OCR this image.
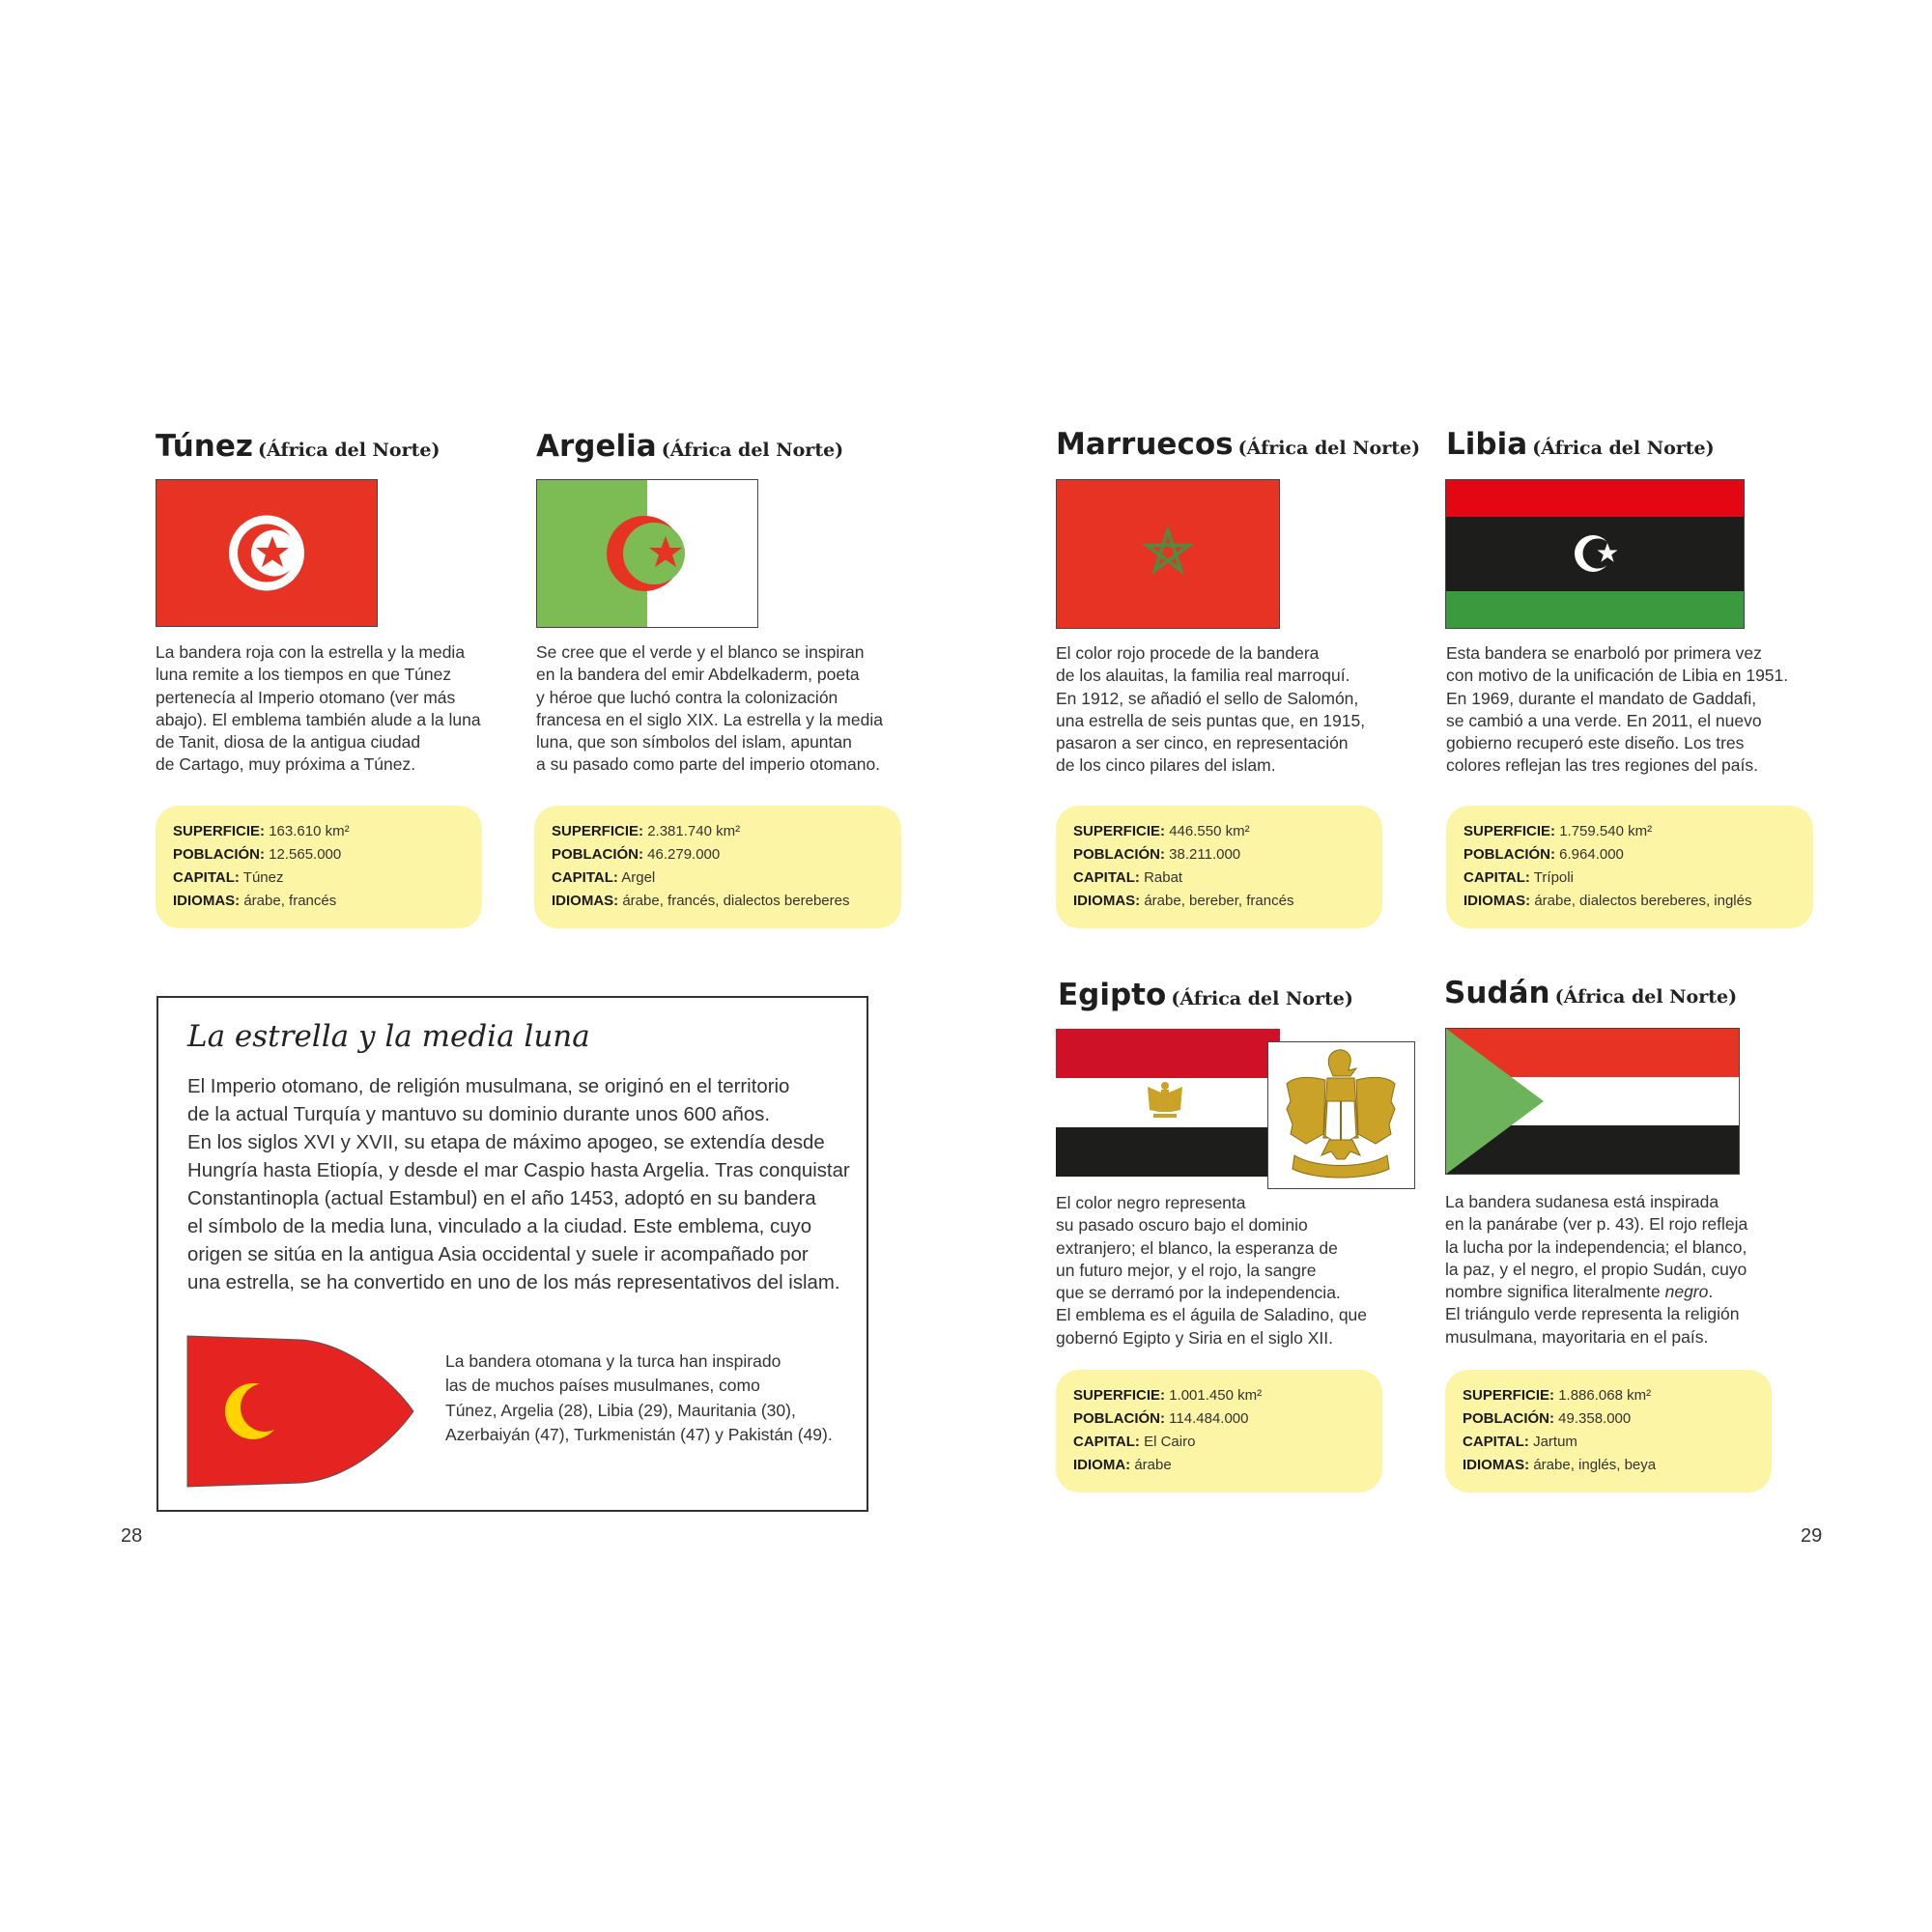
Túnez (África del Norte)

La bandera roja con la estrella y la media
luna remite a los tiempos en que Túnez
pertenecía al Imperio otomano (ver más
abajo). El emblema también alude a la luna
de Tanit, diosa de la antigua ciudad
de Cartago, muy próxima a Túnez.

SUPERFICIE: 163.610 km²
POBLACIÓN: 12.565.000
CAPITAL: Túnez
IDIOMAS: árabe, francés
Argelia (África del Norte)

Se cree que el verde y el blanco se inspiran
en la bandera del emir Abdelkaderm, poeta
y héroe que luchó contra la colonización
francesa en el siglo XIX. La estrella y la media
luna, que son símbolos del islam, apuntan
a su pasado como parte del imperio otomano.

SUPERFICIE: 2.381.740 km²
POBLACIÓN: 46.279.000
CAPITAL: Argel
IDIOMAS: árabe, francés, dialectos bereberes
Marruecos (África del Norte)

El color rojo procede de la bandera
de los alauitas, la familia real marroquí.
En 1912, se añadió el sello de Salomón,
una estrella de seis puntas que, en 1915,
pasaron a ser cinco, en representación
de los cinco pilares del islam.

SUPERFICIE: 446.550 km²
POBLACIÓN: 38.211.000
CAPITAL: Rabat
IDIOMAS: árabe, bereber, francés
Libia (África del Norte)

Esta bandera se enarboló por primera vez
con motivo de la unificación de Libia en 1951.
En 1969, durante el mandato de Gaddafi,
se cambió a una verde. En 2011, el nuevo
gobierno recuperó este diseño. Los tres
colores reflejan las tres regiones del país.

SUPERFICIE: 1.759.540 km²
POBLACIÓN: 6.964.000
CAPITAL: Trípoli
IDIOMAS: árabe, dialectos bereberes, inglés
Egipto (África del Norte)

El color negro representa
su pasado oscuro bajo el dominio
extranjero; el blanco, la esperanza de
un futuro mejor, y el rojo, la sangre
que se derramó por la independencia.
El emblema es el águila de Saladino, que
gobernó Egipto y Siria en el siglo XII.

SUPERFICIE: 1.001.450 km²
POBLACIÓN: 114.484.000
CAPITAL: El Cairo
IDIOMA: árabe
Sudán (África del Norte)

La bandera sudanesa está inspirada
en la panárabe (ver p. 43). El rojo refleja
la lucha por la independencia; el blanco,
la paz, y el negro, el propio Sudán, cuyo
nombre significa literalmente negro.
El triángulo verde representa la religión
musulmana, mayoritaria en el país.

SUPERFICIE: 1.886.068 km²
POBLACIÓN: 49.358.000
CAPITAL: Jartum
IDIOMAS: árabe, inglés, beya
La estrella y la media luna

El Imperio otomano, de religión musulmana, se originó en el territorio
de la actual Turquía y mantuvo su dominio durante unos 600 años.
En los siglos XVI y XVII, su etapa de máximo apogeo, se extendía desde
Hungría hasta Etiopía, y desde el mar Caspio hasta Argelia. Tras conquistar
Constantinopla (actual Estambul) en el año 1453, adoptó en su bandera
el símbolo de la media luna, vinculado a la ciudad. Este emblema, cuyo
origen se sitúa en la antigua Asia occidental y suele ir acompañado por
una estrella, se ha convertido en uno de los más representativos del islam.

La bandera otomana y la turca han inspirado
las de muchos países musulmanes, como
Túnez, Argelia (28), Libia (29), Mauritania (30),
Azerbaiyán (47), Turkmenistán (47) y Pakistán (49).

28	29
